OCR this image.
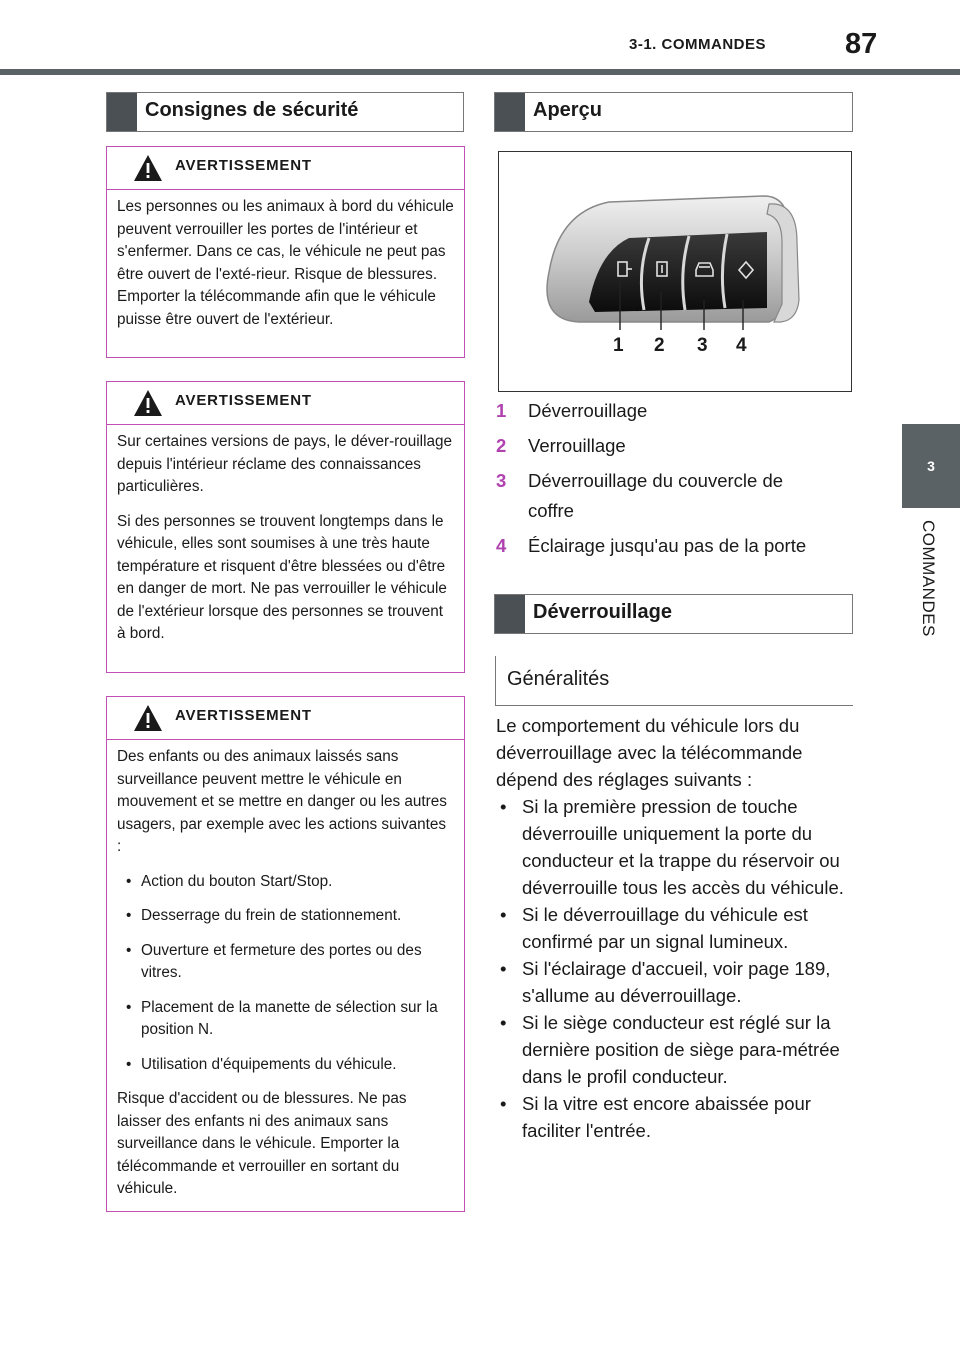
3-1. COMMANDES	87
3
COMMANDES
Consignes de sécurité
AVERTISSEMENT

Les personnes ou les animaux à bord du véhicule peuvent verrouiller les portes de l'intérieur et s'enfermer. Dans ce cas, le véhicule ne peut pas être ouvert de l'exté-rieur. Risque de blessures. Emporter la télécommande afin que le véhicule puisse être ouvert de l'extérieur.

AVERTISSEMENT

Sur certaines versions de pays, le déver-rouillage depuis l'intérieur réclame des connaissances particulières.

Si des personnes se trouvent longtemps dans le véhicule, elles sont soumises à une très haute température et risquent d'être blessées ou d'être en danger de mort. Ne pas verrouiller le véhicule de l'extérieur lorsque des personnes se trouvent à bord.

AVERTISSEMENT

Des enfants ou des animaux laissés sans surveillance peuvent mettre le véhicule en mouvement et se mettre en danger ou les autres usagers, par exemple avec les actions suivantes :

• Action du bouton Start/Stop.

• Desserrage du frein de stationnement.

• Ouverture et fermeture des portes ou des vitres.

• Placement de la manette de sélection sur la position N.

• Utilisation d'équipements du véhicule.

Risque d'accident ou de blessures. Ne pas laisser des enfants ni des animaux sans surveillance dans le véhicule. Emporter la télécommande et verrouiller en sortant du véhicule.

Aperçu
1 2 3 4
1 Déverrouillage
2 Verrouillage
3 Déverrouillage du couvercle de coffre
4 Éclairage jusqu'au pas de la porte
Déverrouillage
Généralités

Le comportement du véhicule lors du déverrouillage avec la télécommande dépend des réglages suivants :

• Si la première pression de touche déverrouille uniquement la porte du conducteur et la trappe du réservoir ou déverrouille tous les accès du véhicule.

• Si le déverrouillage du véhicule est confirmé par un signal lumineux.

• Si l'éclairage d'accueil, voir page 189, s'allume au déverrouillage.

• Si le siège conducteur est réglé sur la dernière position de siège para-métrée dans le profil conducteur.

• Si la vitre est encore abaissée pour faciliter l'entrée.
